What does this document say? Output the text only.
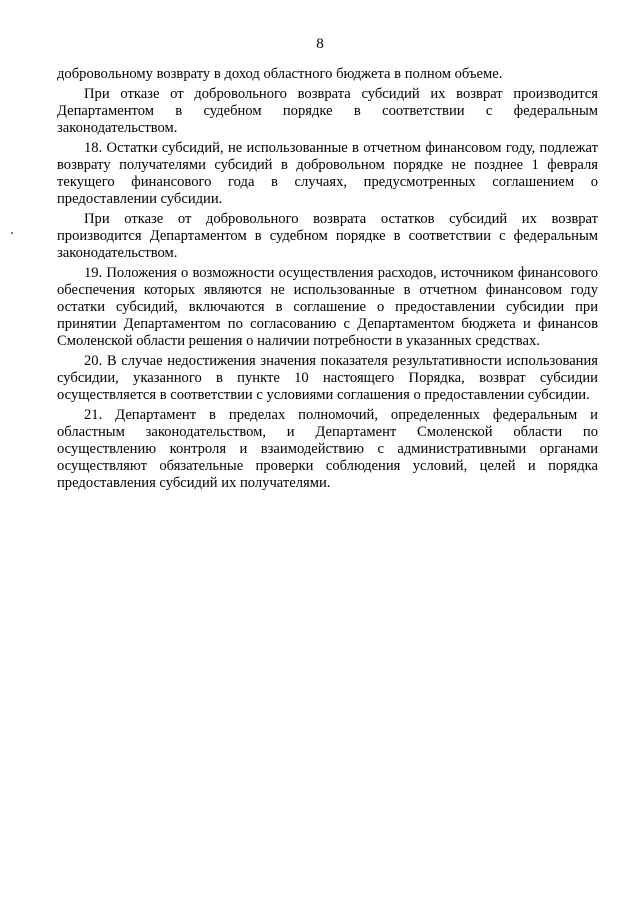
8

добровольному возврату в доход областного бюджета в полном объеме.

При отказе от добровольного возврата субсидий их возврат производится Департаментом в судебном порядке в соответствии с федеральным законодательством.

18. Остатки субсидий, не использованные в отчетном финансовом году, подлежат возврату получателями субсидий в добровольном порядке не позднее 1 февраля текущего финансового года в случаях, предусмотренных соглашением о предоставлении субсидии.

При отказе от добровольного возврата остатков субсидий их возврат производится Департаментом в судебном порядке в соответствии с федеральным законодательством.

19. Положения о возможности осуществления расходов, источником финансового обеспечения которых являются не использованные в отчетном финансовом году остатки субсидий, включаются в соглашение о предоставлении субсидии при принятии Департаментом по согласованию с Департаментом бюджета и финансов Смоленской области решения о наличии потребности в указанных средствах.

20. В случае недостижения значения показателя результативности использования субсидии, указанного в пункте 10 настоящего Порядка, возврат субсидии осуществляется в соответствии с условиями соглашения о предоставлении субсидии.

21. Департамент в пределах полномочий, определенных федеральным и областным законодательством, и Департамент Смоленской области по осуществлению контроля и взаимодействию с административными органами осуществляют обязательные проверки соблюдения условий, целей и порядка предоставления субсидий их получателями.
